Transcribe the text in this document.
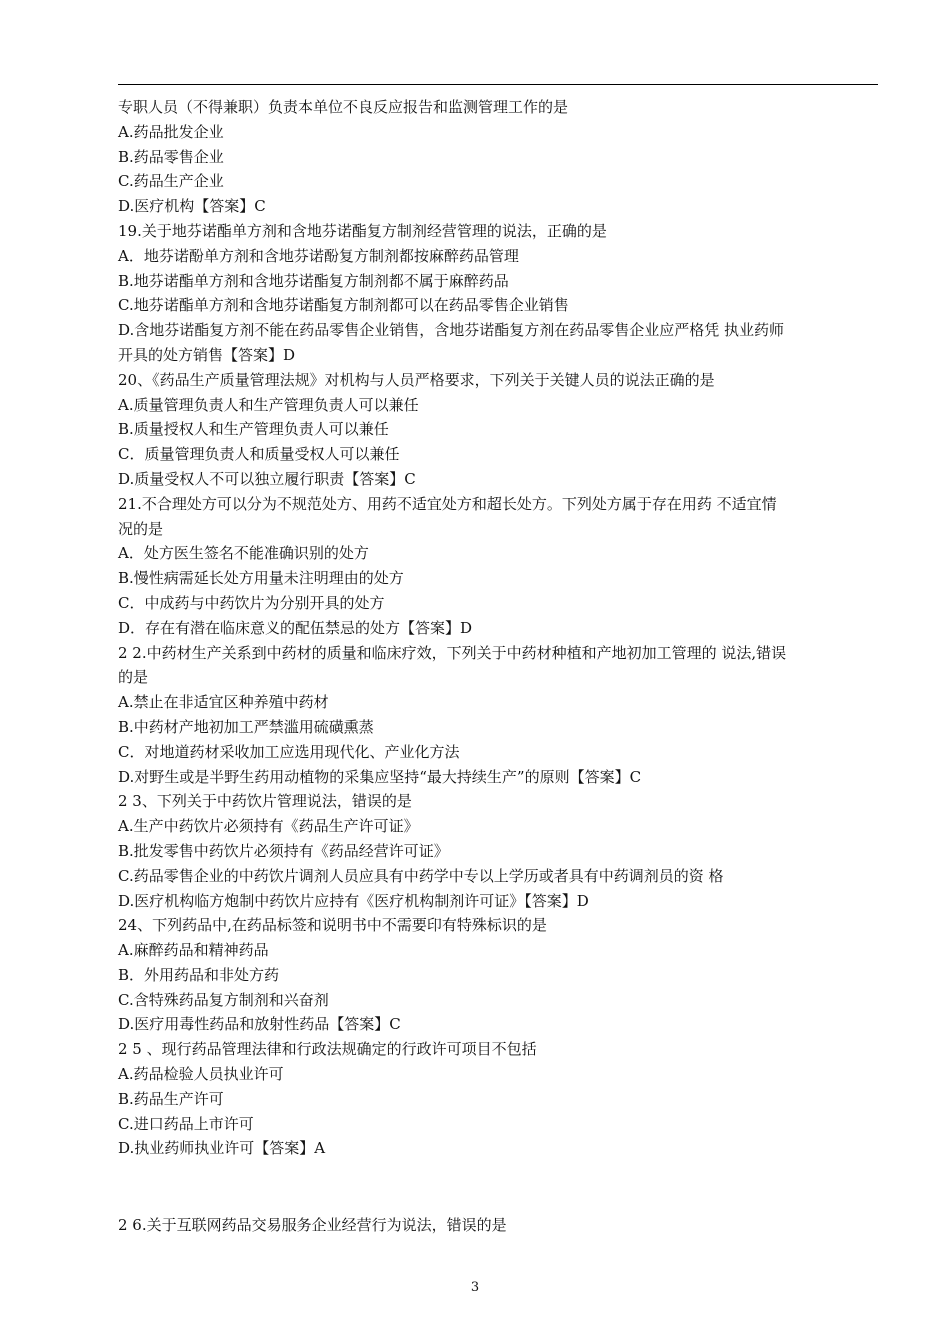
专职人员（不得兼职）负责本单位不良反应报告和监测管理工作的是
A.药品批发企业
B.药品零售企业
C.药品生产企业
D.医疗机构【答案】C
19.关于地芬诺酯单方剂和含地芬诺酯复方制剂经营管理的说法，正确的是
A．地芬诺酚单方剂和含地芬诺酚复方制剂都按麻醉药品管理
B.地芬诺酯单方剂和含地芬诺酯复方制剂都不属于麻醉药品
C.地芬诺酯单方剂和含地芬诺酯复方制剂都可以在药品零售企业销售
D.含地芬诺酯复方剂不能在药品零售企业销售，含地芬诺酯复方剂在药品零售企业应严格凭 执业药师
开具的处方销售【答案】D
20、《药品生产质量管理法规》对机构与人员严格要求，下列关于关键人员的说法正确的是
A.质量管理负责人和生产管理负责人可以兼任
B.质量授权人和生产管理负责人可以兼任
C．质量管理负责人和质量受权人可以兼任
D.质量受权人不可以独立履行职责【答案】C
21.不合理处方可以分为不规范处方、用药不适宜处方和超长处方。下列处方属于存在用药 不适宜情
况的是
A．处方医生签名不能准确识别的处方
B.慢性病需延长处方用量未注明理由的处方
C．中成药与中药饮片为分别开具的处方
D．存在有潜在临床意义的配伍禁忌的处方【答案】D
2 2.中药材生产关系到中药材的质量和临床疗效，下列关于中药材种植和产地初加工管理的 说法,错误
的是
A.禁止在非适宜区种养殖中药材
B.中药材产地初加工严禁滥用硫磺熏蒸
C．对地道药材采收加工应选用现代化、产业化方法
D.对野生或是半野生药用动植物的采集应坚持“最大持续生产”的原则【答案】C
2 3、下列关于中药饮片管理说法，错误的是
A.生产中药饮片必须持有《药品生产许可证》
B.批发零售中药饮片必须持有《药品经营许可证》
C.药品零售企业的中药饮片调剂人员应具有中药学中专以上学历或者具有中药调剂员的资 格
D.医疗机构临方炮制中药饮片应持有《医疗机构制剂许可证》【答案】D
24、下列药品中,在药品标签和说明书中不需要印有特殊标识的是
A.麻醉药品和精神药品
B．外用药品和非处方药
C.含特殊药品复方制剂和兴奋剂
D.医疗用毒性药品和放射性药品【答案】C
2 5 、现行药品管理法律和行政法规确定的行政许可项目不包括
A.药品检验人员执业许可
B.药品生产许可
C.进口药品上市许可
D.执业药师执业许可【答案】A
2 6.关于互联网药品交易服务企业经营行为说法，错误的是
3
